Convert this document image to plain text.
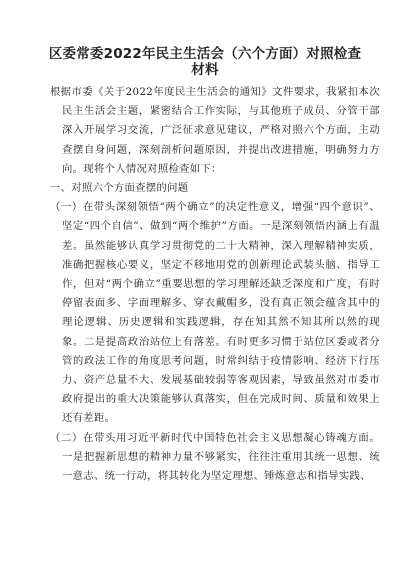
区委常委2022年民主生活会（六个方面）对照检查材料

根据市委《关于2022年度民主生活会的通知》文件要求，我紧扣本次民主生活会主题，紧密结合工作实际，与其他班子成员、分管干部深入开展学习交流，广泛征求意见建议，严格对照六个方面，主动查摆自身问题，深刻剖析问题原因，并提出改进措施，明确努力方向。现将个人情况对照检查如下：

一、对照六个方面查摆的问题

（一）在带头深刻领悟“两个确立”的决定性意义，增强“四个意识”、坚定“四个自信”、做到“两个维护”方面。一是深刻领悟内涵上有温差。虽然能够认真学习贯彻党的二十大精神，深入理解精神实质，准确把握核心要义，坚定不移地用党的创新理论武装头脑、指导工作，但对“两个确立”重要思想的学习理解还缺乏深度和广度，有时停留表面多、字面理解多、穿衣戴帽多，没有真正领会蕴含其中的理论逻辑、历史逻辑和实践逻辑，存在知其然不知其所以然的现象。二是提高政治站位上有落差。有时更多习惯于站位区委或者分管的政法工作的角度思考问题，时常纠结于疫情影响、经济下行压力、资产总量不大、发展基础较弱等客观因素，导致虽然对市委市政府提出的重大决策能够认真落实，但在完成时间、质量和效果上还有差距。

（二）在带头用习近平新时代中国特色社会主义思想凝心铸魂方面。一是把握新思想的精神力量不够紧实，往往注重用其统一思想、统一意志、统一行动，将其转化为坚定理想、锤炼意志和指导实践、
